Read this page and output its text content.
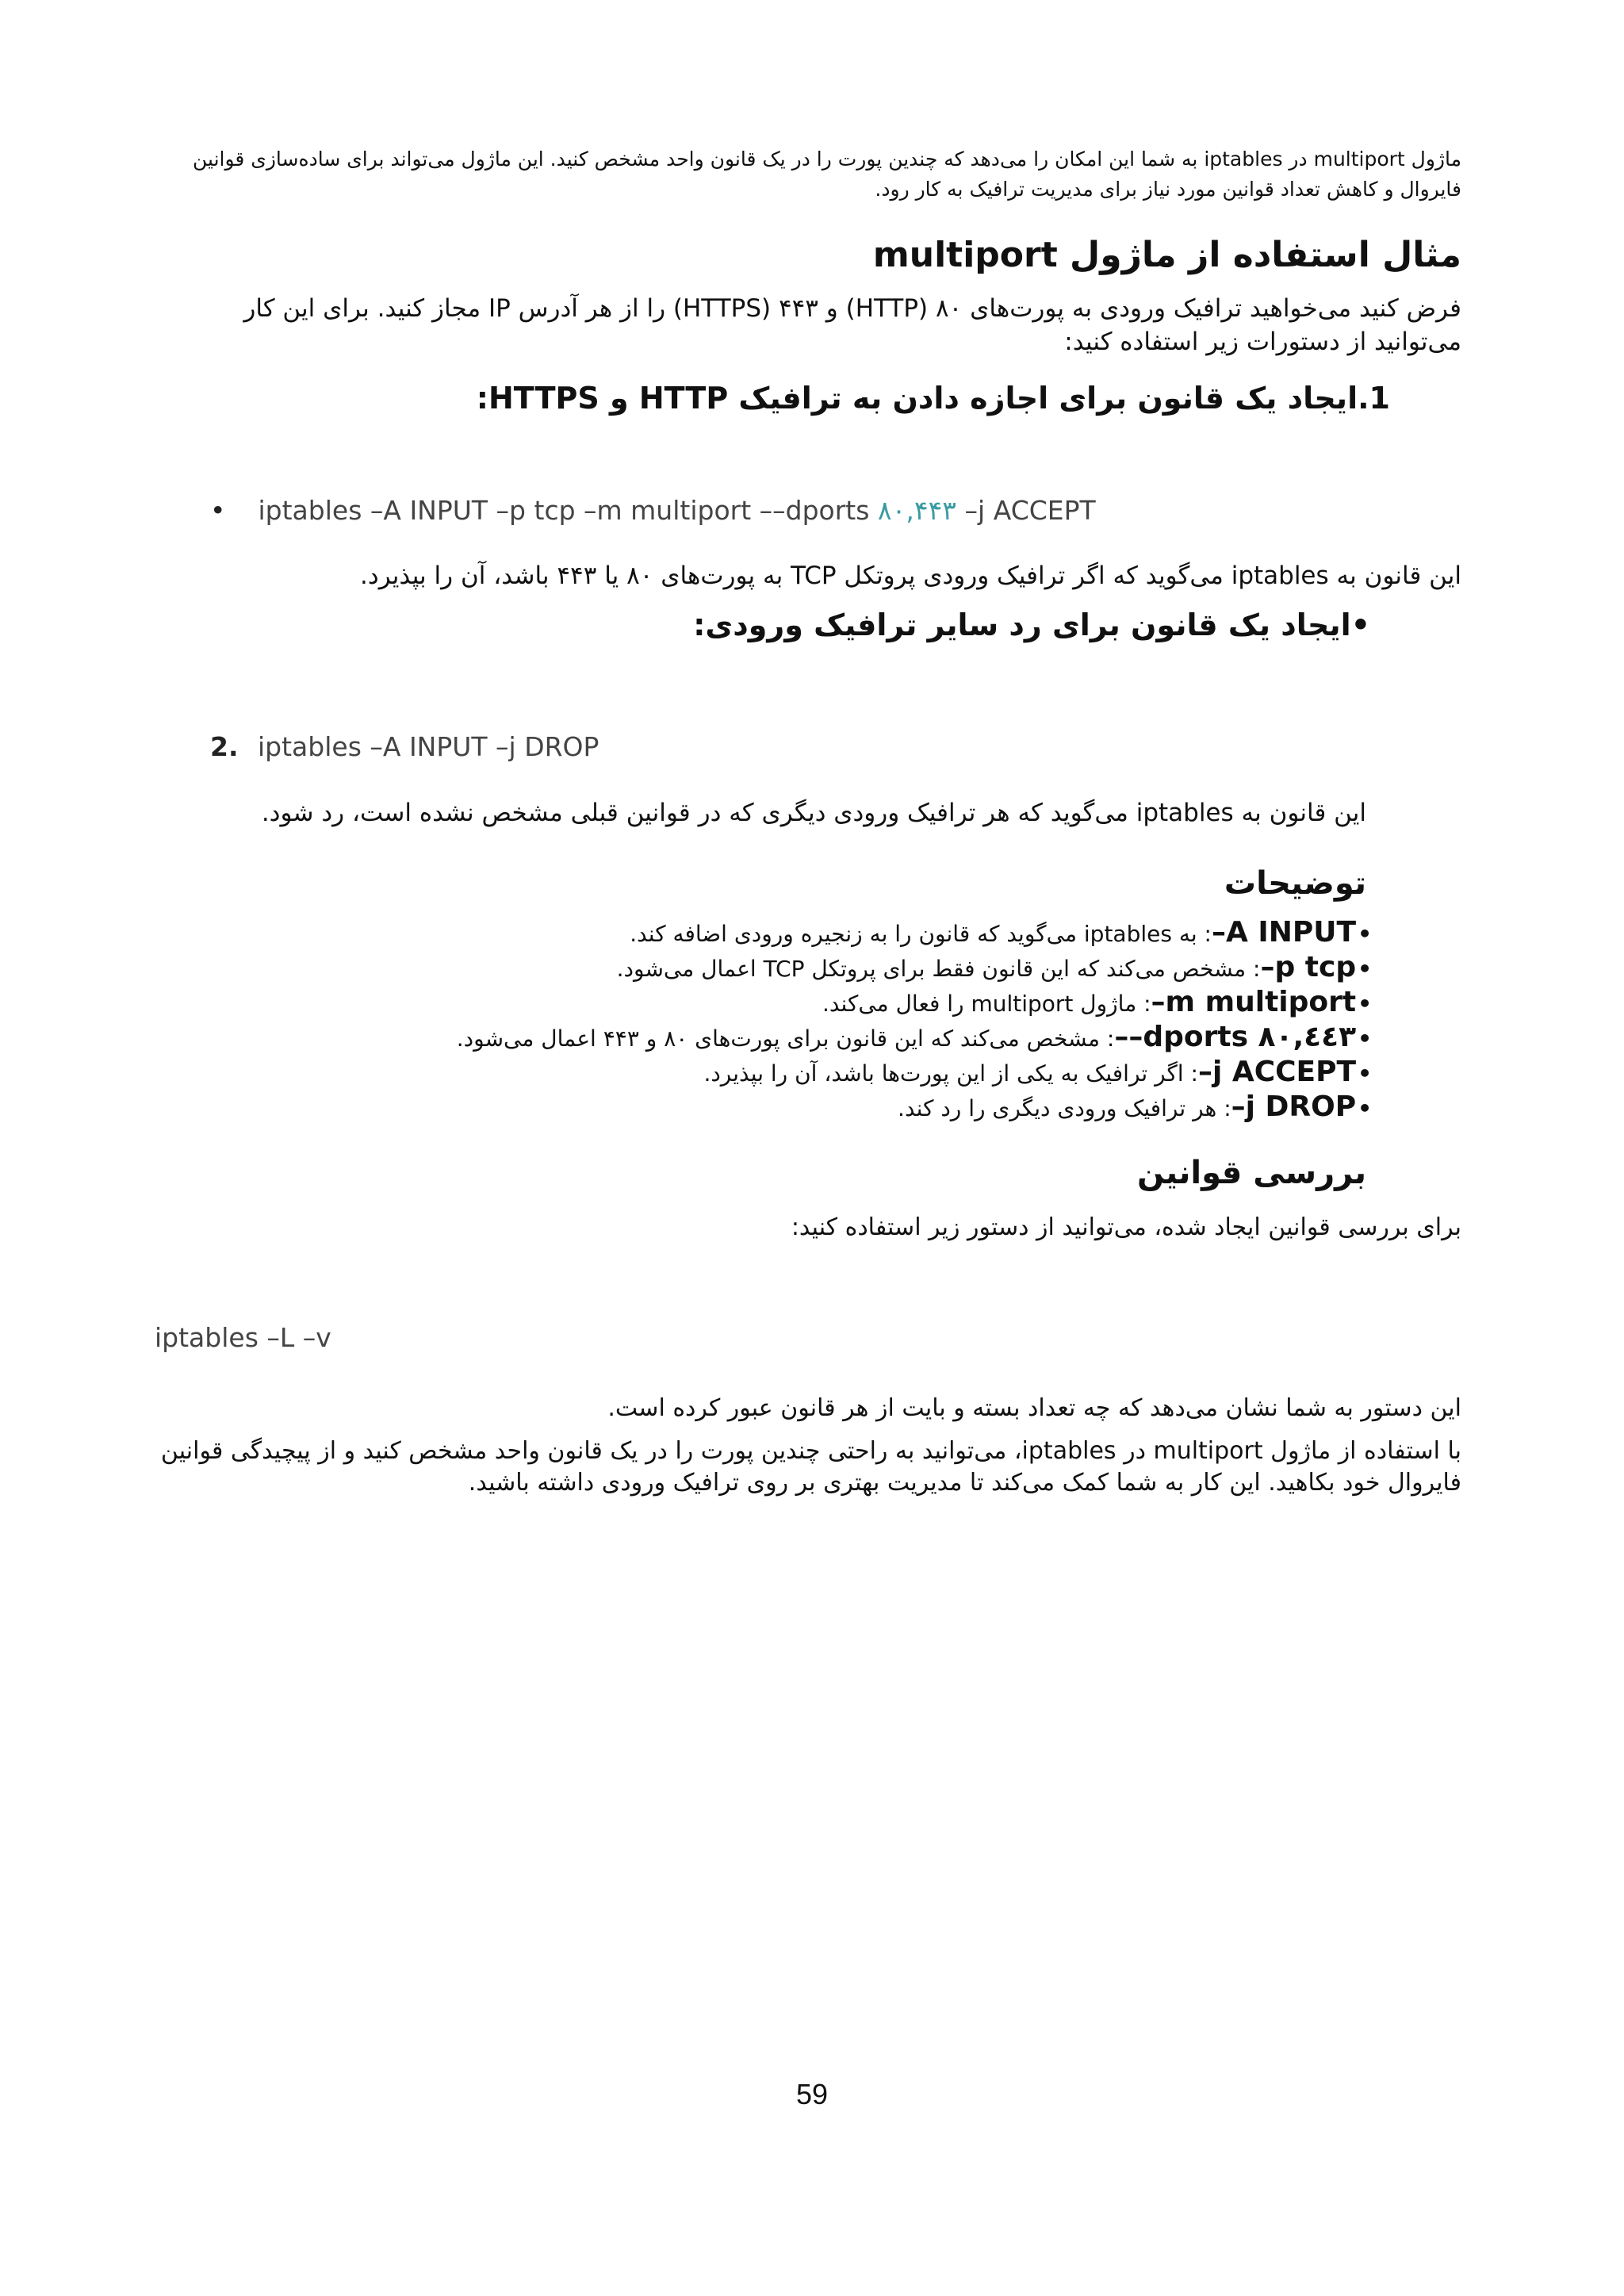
ماژول multiport در iptables به شما این امکان را می‌دهد که چندین پورت را در یک قانون واحد مشخص کنید. این ماژول می‌تواند برای ساده‌سازی قوانین فایروال و کاهش تعداد قوانین مورد نیاز برای مدیریت ترافیک به کار رود.

مثال استفاده از ماژول multiport

فرض کنید می‌خواهید ترافیک ورودی به پورت‌های ۸۰ (HTTP) و ۴۴۳ (HTTPS) را از هر آدرس IP مجاز کنید. برای این کار می‌توانید از دستورات زیر استفاده کنید:

1.ایجاد یک قانون برای اجازه دادن به ترافیک HTTP و HTTPS:
• iptables –A INPUT –p tcp –m multiport ––dports ۸۰,۴۴۳ –j ACCEPT

این قانون به iptables می‌گوید که اگر ترافیک ورودی پروتکل TCP به پورت‌های ۸۰ یا ۴۴۳ باشد، آن را بپذیرد.

•ایجاد یک قانون برای رد سایر ترافیک ورودی:
2. iptables –A INPUT –j DROP

این قانون به iptables می‌گوید که هر ترافیک ورودی دیگری که در قوانین قبلی مشخص نشده است، رد شود.

توضیحات
•–A INPUT: به iptables می‌گوید که قانون را به زنجیره ورودی اضافه کند.
•–p tcp: مشخص می‌کند که این قانون فقط برای پروتکل TCP اعمال می‌شود.
•–m multiport: ماژول multiport را فعال می‌کند.
•––dports ۸۰,٤٤۳: مشخص می‌کند که این قانون برای پورت‌های ۸۰ و ۴۴۳ اعمال می‌شود.
•–j ACCEPT: اگر ترافیک به یکی از این پورت‌ها باشد، آن را بپذیرد.
•–j DROP: هر ترافیک ورودی دیگری را رد کند.
بررسی قوانین

برای بررسی قوانین ایجاد شده، می‌توانید از دستور زیر استفاده کنید:

iptables –L –v

این دستور به شما نشان می‌دهد که چه تعداد بسته و بایت از هر قانون عبور کرده است.

با استفاده از ماژول multiport در iptables، می‌توانید به راحتی چندین پورت را در یک قانون واحد مشخص کنید و از پیچیدگی قوانین فایروال خود بکاهید. این کار به شما کمک می‌کند تا مدیریت بهتری بر روی ترافیک ورودی داشته باشید.

59
